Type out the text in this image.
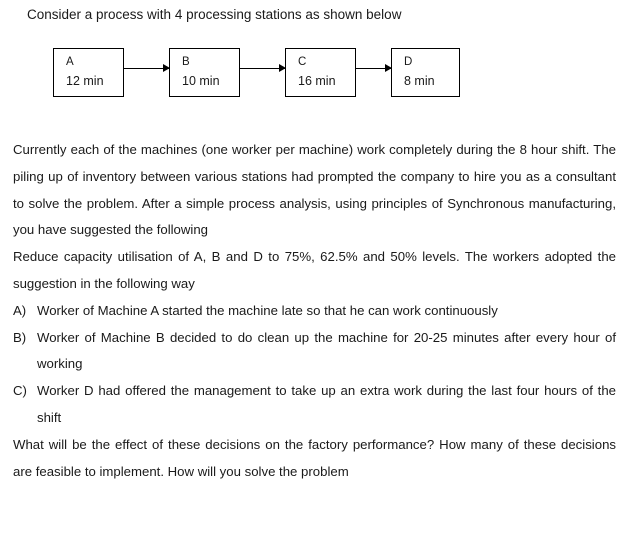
Consider a process with 4 processing stations as shown below
A
12 min
B
10 min
C
16 min
D
8 min

Currently each of the machines (one worker per machine) work completely during the 8 hour shift. The piling up of inventory between various stations had prompted the company to hire you as a consultant to solve the problem. After a simple process analysis, using principles of Synchronous manufacturing, you have suggested the following

Reduce capacity utilisation of A, B and D to 75%, 62.5% and 50% levels. The workers adopted the suggestion in the following way

A) Worker of Machine A started the machine late so that he can work continuously
B) Worker of Machine B decided to do clean up the machine for 20-25 minutes after every hour of working
C) Worker D had offered the management to take up an extra work during the last four hours of the shift

What will be the effect of these decisions on the factory performance? How many of these decisions are feasible to implement. How will you solve the problem
